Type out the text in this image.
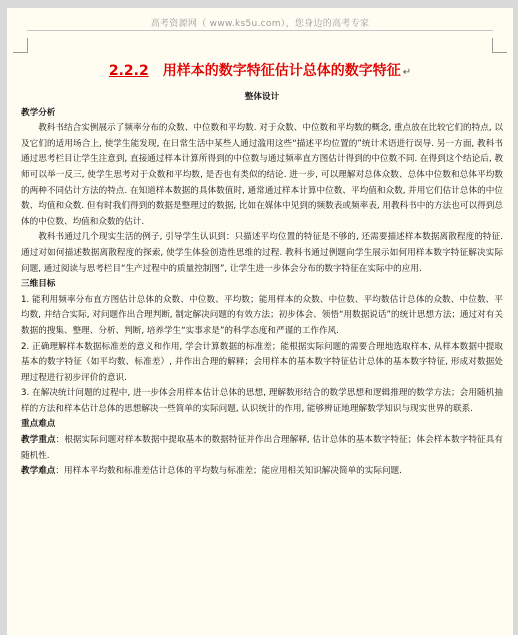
高考资源网（ www.ks5u.com），您身边的高考专家
2.2.2 用样本的数字特征估计总体的数字特征 ↵
整体设计
教学分析

教科书结合实例展示了频率分布的众数、中位数和平均数. 对于众数、中位数和平均数的概念, 重点放在比较它们的特点, 以及它们的适用场合上, 使学生能发现, 在日常生活中某些人通过滥用这些“描述平均位置的”统计术语进行误导. 另一方面, 教科书通过思考栏目让学生注意到, 直接通过样本计算所得到的中位数与通过频率直方图估计得到的中位数不同. 在得到这个结论后, 教师可以举一反三, 使学生思考对于众数和平均数, 是否也有类似的结论. 进一步, 可以理解对总体众数、总体中位数和总体平均数的两种不同估计方法的特点. 在知道样本数据的具体数值时, 通常通过样本计算中位数、平均值和众数, 并用它们估计总体的中位数、均值和众数. 但有时我们得到的数据是整理过的数据, 比如在媒体中见到的频数表或频率表, 用教科书中的方法也可以得到总体的中位数、均值和众数的估计.

教科书通过几个现实生活的例子, 引导学生认识到：只描述平均位置的特征是不够的, 还需要描述样本数据离散程度的特征. 通过对如何描述数据离散程度的探索, 使学生体验创造性思维的过程. 教科书通过例题向学生展示如何用样本数字特征解决实际问题, 通过阅读与思考栏目“生产过程中的质量控制图”, 让学生进一步体会分布的数字特征在实际中的应用.

三维目标

1. 能利用频率分布直方图估计总体的众数、中位数、平均数；能用样本的众数、中位数、平均数估计总体的众数、中位数、平均数, 并结合实际, 对问题作出合理判断, 制定解决问题的有效方法；初步体会、领悟“用数据说话”的统计思想方法；通过对有关数据的搜集、整理、分析、判断, 培养学生“实事求是”的科学态度和严谨的工作作风.

2. 正确理解样本数据标准差的意义和作用, 学会计算数据的标准差；能根据实际问题的需要合理地选取样本, 从样本数据中提取基本的数字特征（如平均数、标准差）, 并作出合理的解释；会用样本的基本数字特征估计总体的基本数字特征, 形成对数据处理过程进行初步评价的意识.

3. 在解决统计问题的过程中, 进一步体会用样本估计总体的思想, 理解数形结合的数学思想和逻辑推理的数学方法；会用随机抽样的方法和样本估计总体的思想解决一些简单的实际问题, 认识统计的作用, 能够辨证地理解数学知识与现实世界的联系.

重点难点

教学重点：根据实际问题对样本数据中提取基本的数据特征并作出合理解释, 估计总体的基本数字特征；体会样本数字特征具有随机性.

教学难点：用样本平均数和标准差估计总体的平均数与标准差；能应用相关知识解决简单的实际问题.
